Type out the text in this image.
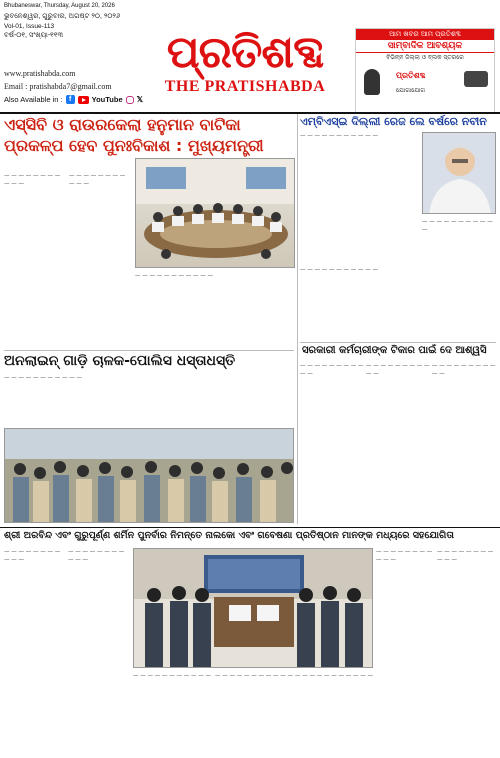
Bhubaneswar, Thursday, August 20, 2026
ଭୁବନେଶ୍ୱର, ଗୁରୁବାର, ଅଗଷ୍ଟ ୨୦, ୨୦୨୬
Vol-01, Issue-113
ବର୍ଷ-୦୧, ସଂଖ୍ୟା-୧୧୩
www.pratishabda.com
Email : pratishabda7@gmail.com
Also Available in : f	YouTube 𝕏
ପ୍ରତିଶବ୍ଦ
THE PRATISHABDA
ଆମ ଖବର ଆମ ପ୍ରତିଶବ୍ଦ
ସାମ୍ବାଦିକ ଆବଶ୍ୟକ
ବିଭିନ୍ନ ଜିଲ୍ଲା ଓ ବ୍ଲକ ସ୍ତରରେ
ପ୍ରତିଶବ୍ଦ
ଯୋଗାଯୋଗ
ଏସ୍‌ସିବି ଓ ରାଉରକେଲା ହନୁମାନ ବାଟିକା
ପ୍ରକଳ୍ପ ହେବ ପୁନଃବିକାଶ : ମୁଖ୍ୟମନ୍ତ୍ରୀ
ଏମ୍‌ବିଏସ୍‌ଇ ଦିଲ୍ଲୀ ରେଜ ଲେ ବର୍ଷରେ ନବୀନ
— — — — — — — — — — —
— — — — — — — — — — —
— — — — — — — — — — —
— — — — — — — — — — —
— — — — — — — — — — —
— — — — — — — — — — —
ସରକାରୀ କର୍ମଚାରୀଙ୍କ ଟିକାର ପାଇଁ ଦେ ଆଶ୍ୱସି
— — — — — — — — — — —
— — — — — — — — — — —
— — — — — — — — — — —
ଅନଲାଇନ୍ ଗାଡ଼ି ଚାଳକ-ପୋଲିସ ଧସ୍ତାଧସ୍ତି
— — — — — — — — — — —
ଶ୍ରୀ ଅରବିନ୍ଦ ଏବଂ ଗୁରୁପୂର୍ଣ୍ଣ ଶର୍ମିନ ପୁନର୍ବାର ନିମନ୍ତେ ନାଲକୋ ଏବଂ ଗବେଷଣା ପ୍ରତିଷ୍ଠାନ ମାନଙ୍କ ମଧ୍ୟରେ ସହଯୋଗିତା
— — — — — — — — — — —
— — — — — — — — — — —
— — — — — — — — — — — — — — — — — — — — — — — — — — — — — — — — —
— — — — — — — — — — —
— — — — — — — — — — —
